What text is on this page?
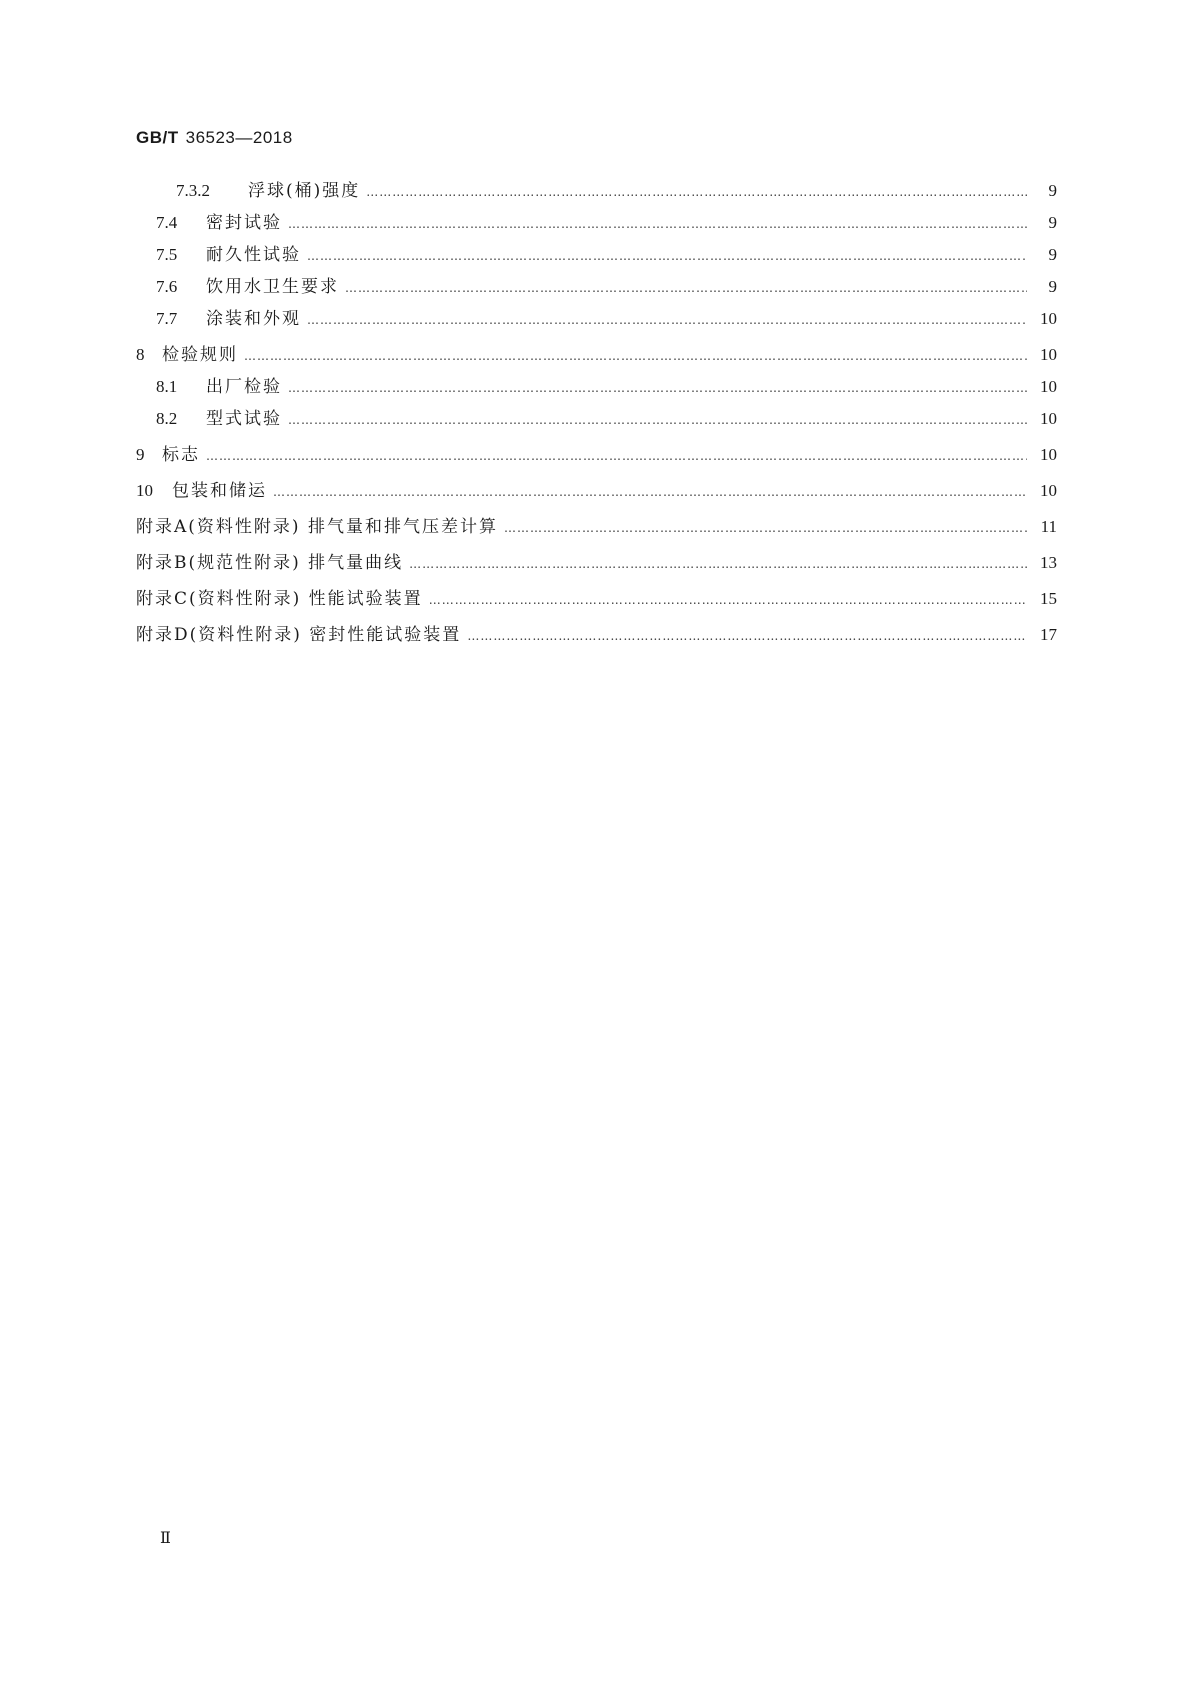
GB/T 36523—2018
7.3.2	浮球(桶)强度 …………………………………………………………………………………………………………………………………………………………………………………………………………………………	9
7.4	密封试验 …………………………………………………………………………………………………………………………………………………………………………………………………………………………	9
7.5	耐久性试验 …………………………………………………………………………………………………………………………………………………………………………………………………………………………	9
7.6	饮用水卫生要求 …………………………………………………………………………………………………………………………………………………………………………………………………………………………	9
7.7	涂装和外观 …………………………………………………………………………………………………………………………………………………………………………………………………………………………	10
8	检验规则 …………………………………………………………………………………………………………………………………………………………………………………………………………………………	10
8.1	出厂检验 …………………………………………………………………………………………………………………………………………………………………………………………………………………………	10
8.2	型式试验 …………………………………………………………………………………………………………………………………………………………………………………………………………………………	10
9	标志 …………………………………………………………………………………………………………………………………………………………………………………………………………………………	10
10	包装和储运 …………………………………………………………………………………………………………………………………………………………………………………………………………………………	10
附录A(资料性附录) 排气量和排气压差计算 …………………………………………………………………………………………………………………………………………………………………………………………………………………………	11
附录B(规范性附录) 排气量曲线 …………………………………………………………………………………………………………………………………………………………………………………………………………………………	13
附录C(资料性附录) 性能试验装置 …………………………………………………………………………………………………………………………………………………………………………………………………………………………	15
附录D(资料性附录) 密封性能试验装置 …………………………………………………………………………………………………………………………………………………………………………………………………………………………	17
Ⅱ
